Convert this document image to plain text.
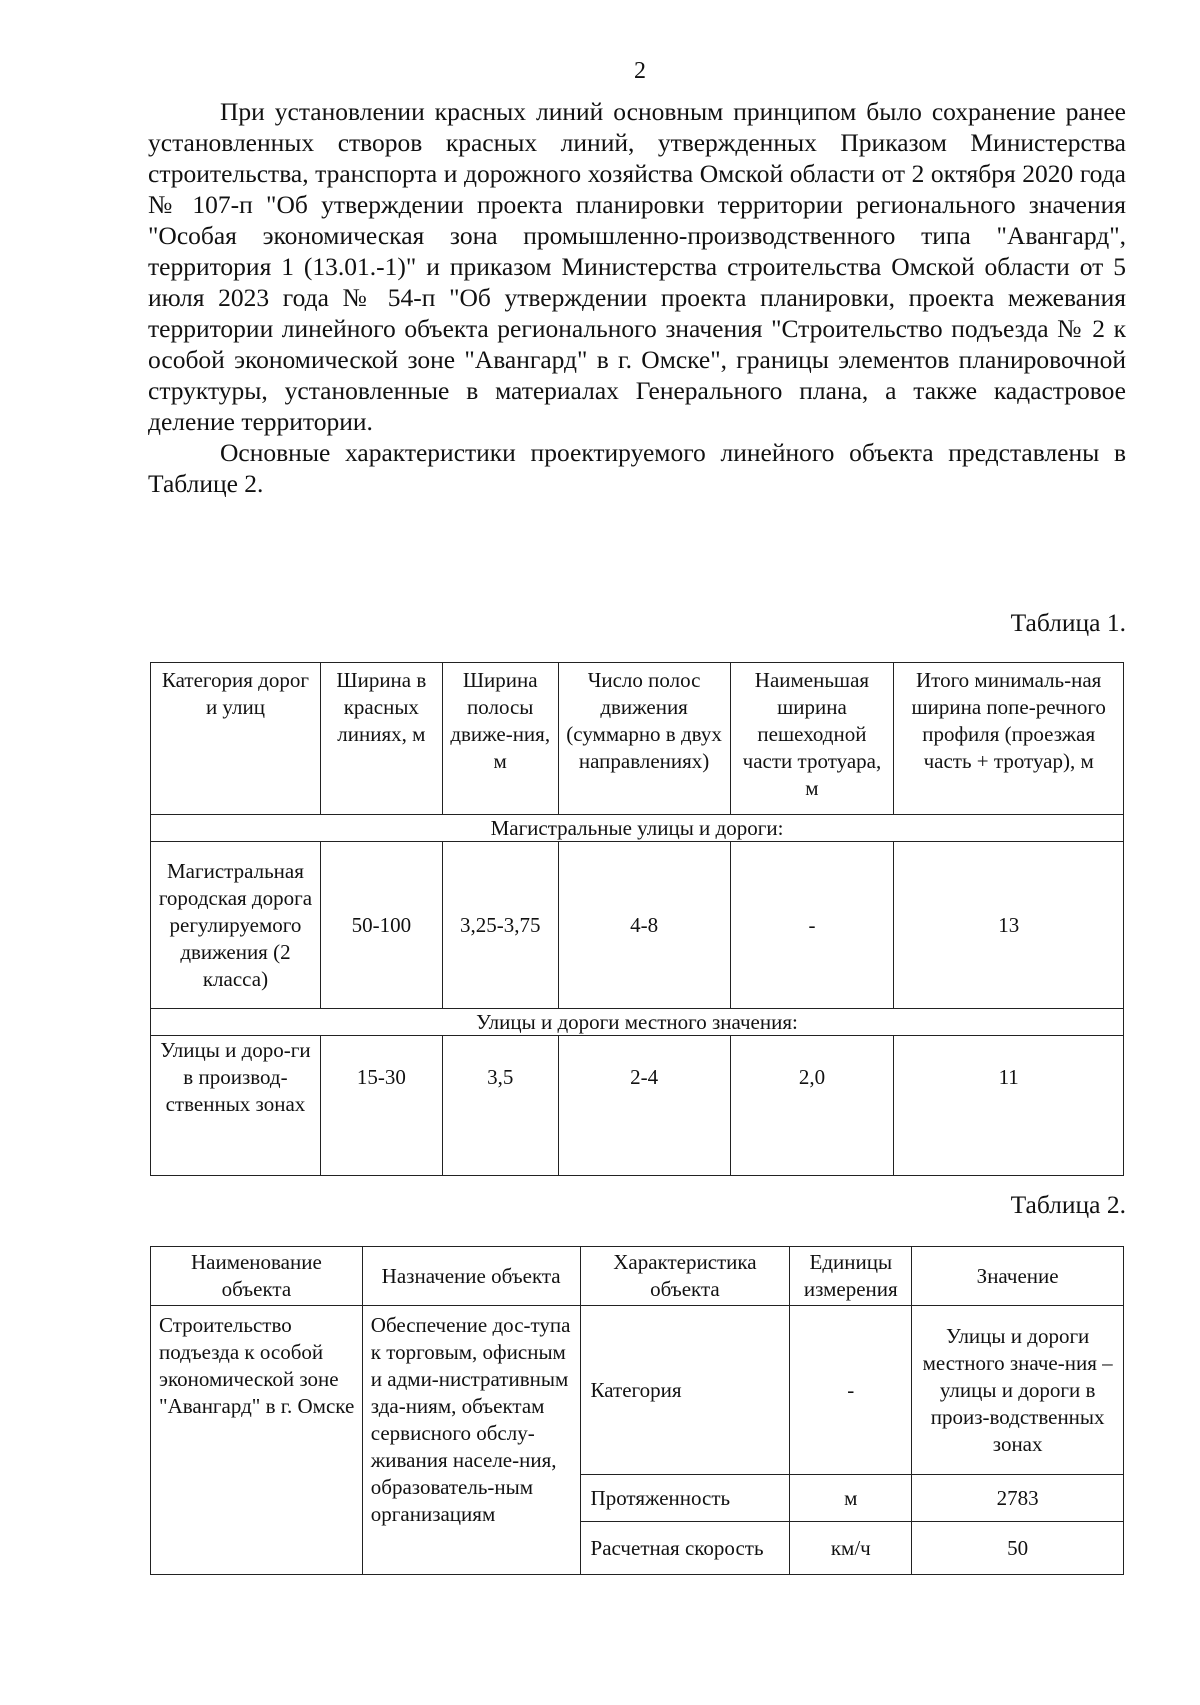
2

При установлении красных линий основным принципом было сохранение ранее установленных створов красных линий, утвержденных Приказом Министерства строительства, транспорта и дорожного хозяйства Омской области от 2 октября 2020 года № 107-п "Об утверждении проекта планировки территории регионального значения "Особая экономическая зона промышленно-производственного типа "Авангард", территория 1 (13.01.-1)" и приказом Министерства строительства Омской области от 5 июля 2023 года № 54-п "Об утверждении проекта планировки, проекта межевания территории линейного объекта регионального значения "Строительство подъезда № 2 к особой экономической зоне "Авангард" в г. Омске", границы элементов планировочной структуры, установленные в материалах Генерального плана, а также кадастровое деление территории.

Основные характеристики проектируемого линейного объекта представлены в Таблице 2.

Таблица 1.
Категория дорог и улиц	Ширина в красных линиях, м	Ширина полосы движе-ния, м	Число полос движения (суммарно в двух направлениях)	Наименьшая ширина пешеходной части тротуара, м	Итого минималь-ная ширина попе-речного профиля (проезжая часть + тротуар), м
Магистральные улицы и дороги:					
Магистральная городская дорога регулируемого движения (2 класса)	50-100	3,25-3,75	4-8	-	13
Улицы и дороги местного значения:					
Улицы и доро-ги в производ-ственных зонах	15-30	3,5	2-4	2,0	11
Таблица 2.
Наименование объекта	Назначение объекта	Характеристика объекта	Единицы измерения	Значение
Строительство подъезда к особой экономической зоне "Авангард" в г. Омске	Обеспечение дос-тупа к торговым, офисным и адми-нистративным зда-ниям, объектам сервисного обслу-живания населе-ния, образователь-ным организациям	Категория	-	Улицы и дороги местного значе-ния – улицы и дороги в произ-водственных зонах
		Протяженность	м	2783
		Расчетная скорость	км/ч	50
